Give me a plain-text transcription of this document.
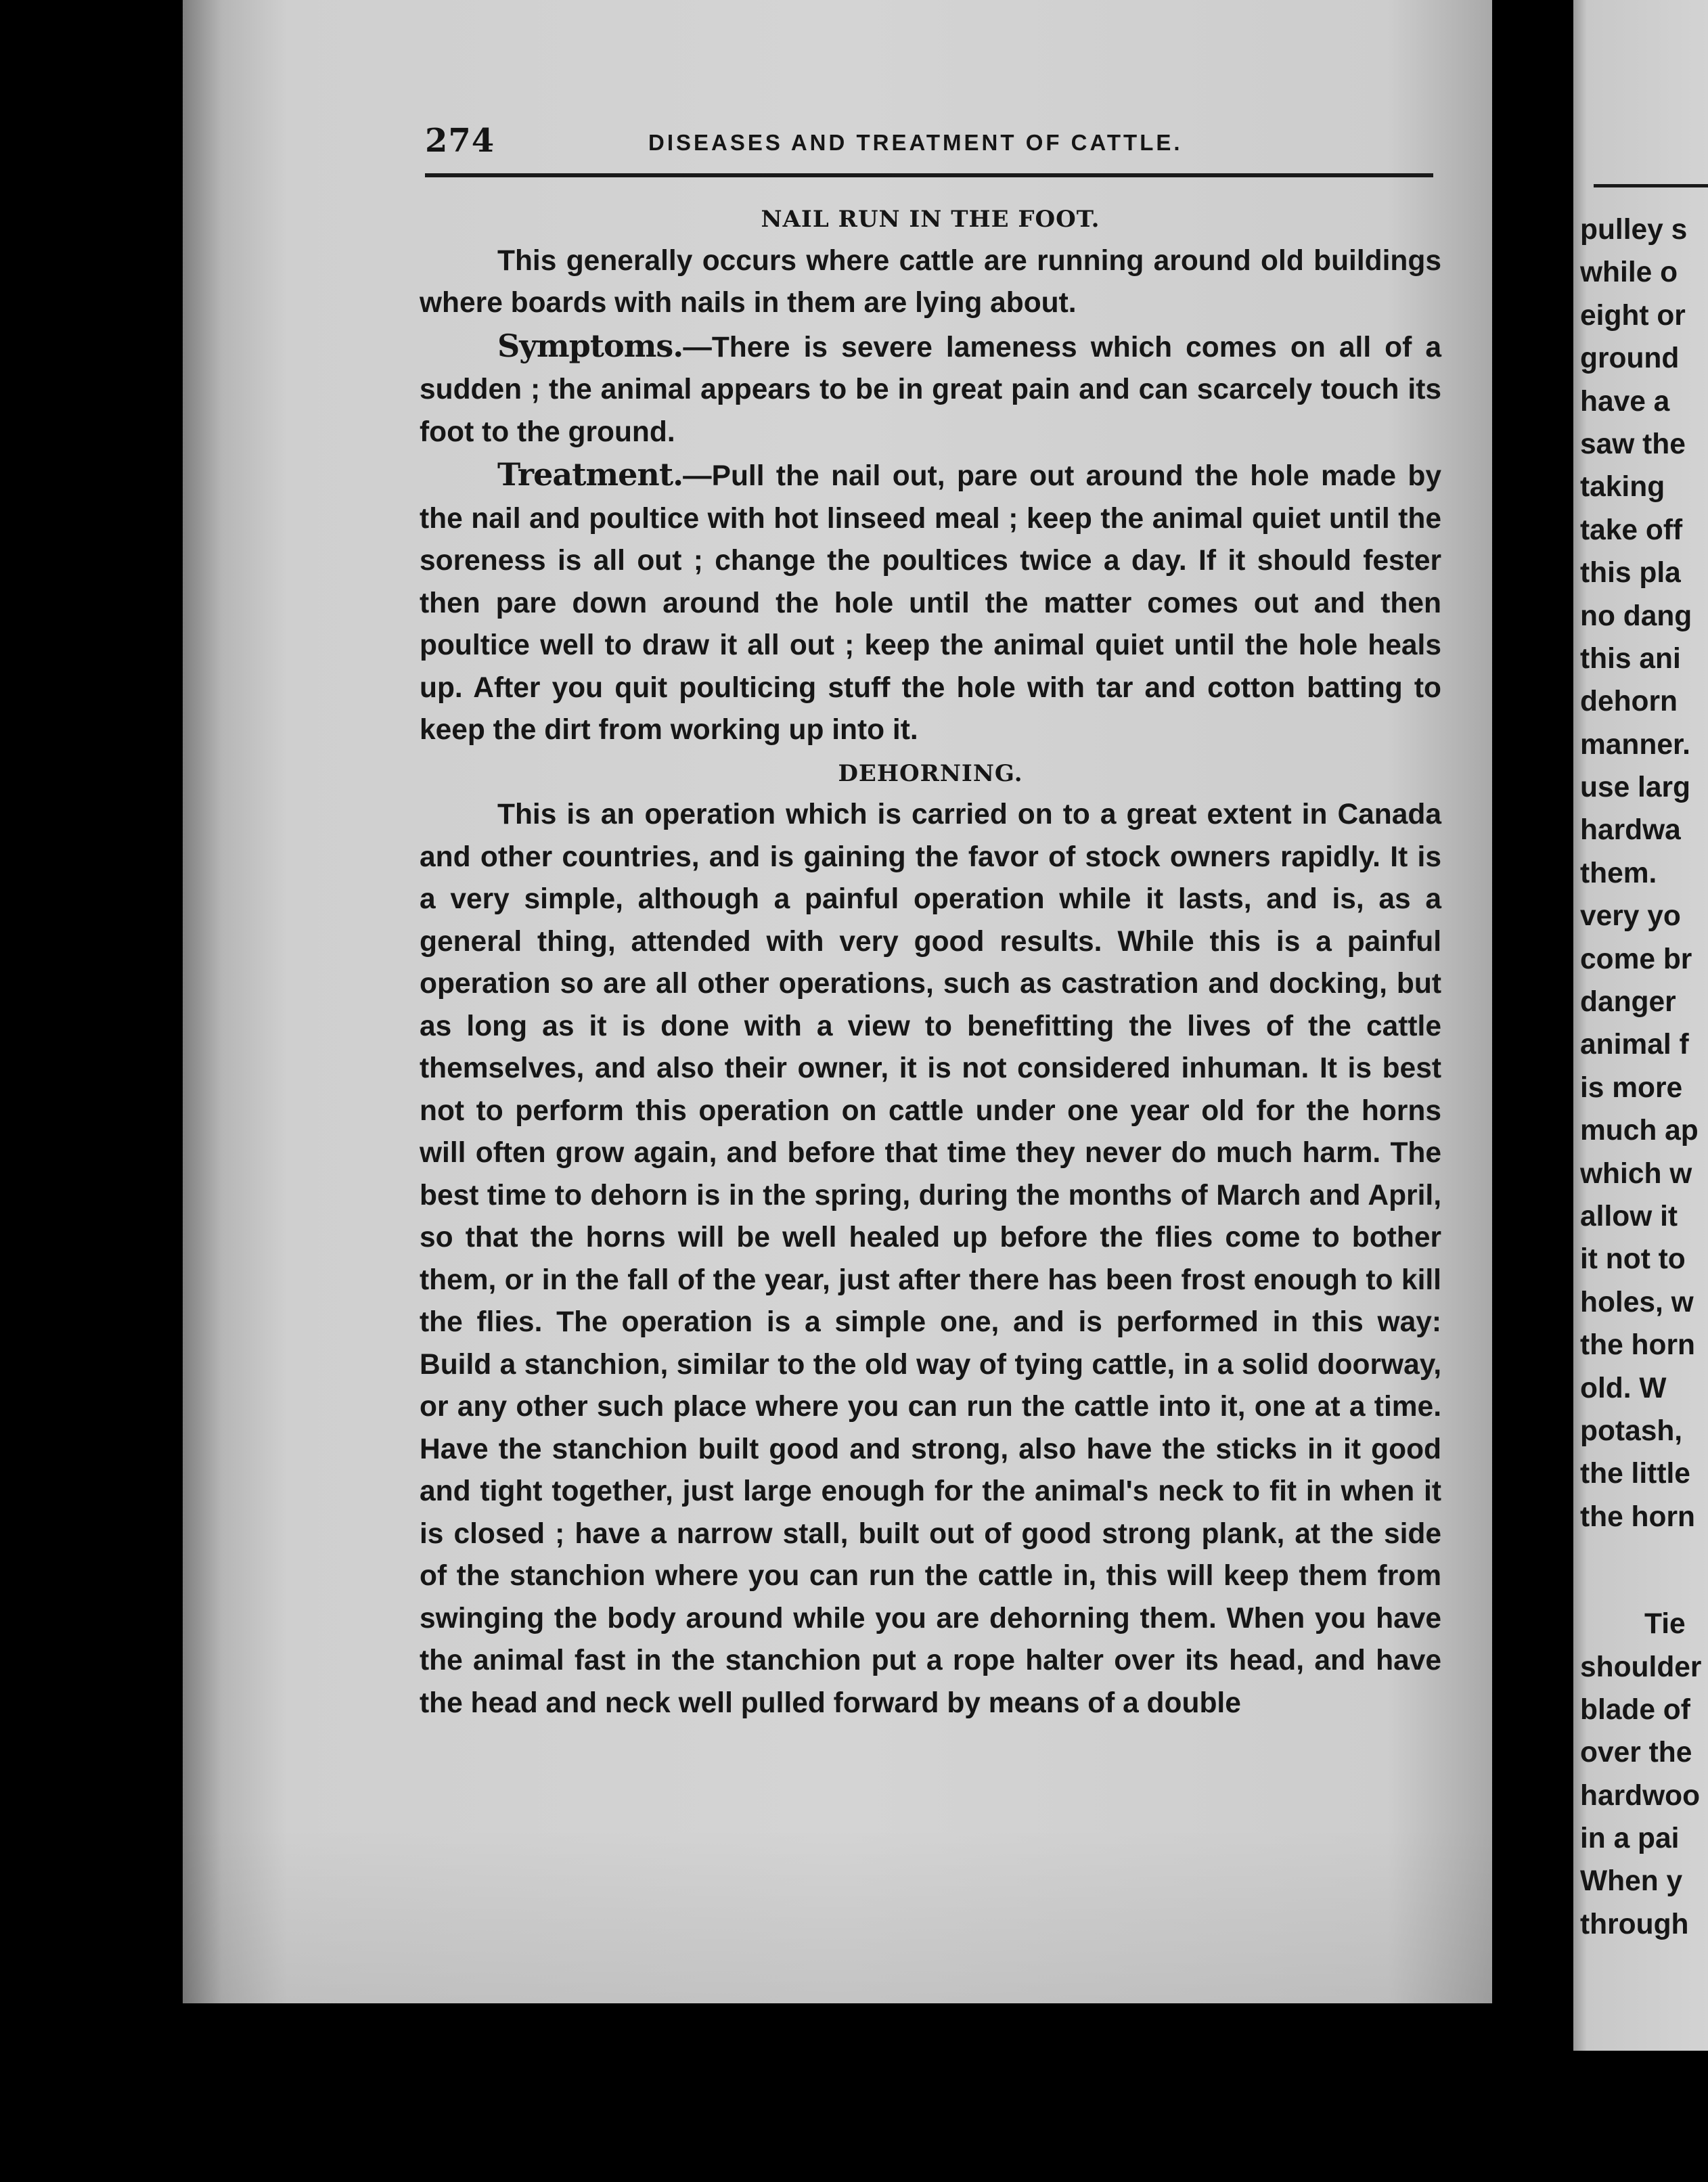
274	DISEASES AND TREATMENT OF CATTLE.
NAIL RUN IN THE FOOT.

This generally occurs where cattle are running around old buildings where boards with nails in them are lying about.

Symptoms.—There is severe lameness which comes on all of a sudden ; the animal appears to be in great pain and can scarcely touch its foot to the ground.

Treatment.—Pull the nail out, pare out around the hole made by the nail and poultice with hot linseed meal ; keep the animal quiet until the soreness is all out ; change the poultices twice a day. If it should fester then pare down around the hole until the matter comes out and then poultice well to draw it all out ; keep the animal quiet until the hole heals up. After you quit poulticing stuff the hole with tar and cotton batting to keep the dirt from working up into it.

DEHORNING.

This is an operation which is carried on to a great extent in Canada and other countries, and is gaining the favor of stock owners rapidly. It is a very simple, although a painful operation while it lasts, and is, as a general thing, attended with very good results. While this is a painful operation so are all other operations, such as castration and docking, but as long as it is done with a view to benefitting the lives of the cattle themselves, and also their owner, it is not considered inhuman. It is best not to perform this operation on cattle under one year old for the horns will often grow again, and before that time they never do much harm. The best time to dehorn is in the spring, during the months of March and April, so that the horns will be well healed up before the flies come to bother them, or in the fall of the year, just after there has been frost enough to kill the flies. The operation is a simple one, and is performed in this way: Build a stanchion, similar to the old way of tying cattle, in a solid doorway, or any other such place where you can run the cattle into it, one at a time. Have the stanchion built good and strong, also have the sticks in it good and tight together, just large enough for the animal's neck to fit in when it is closed ; have a narrow stall, built out of good strong plank, at the side of the stanchion where you can run the cattle in, this will keep them from swinging the body around while you are dehorning them. When you have the animal fast in the stanchion put a rope halter over its head, and have the head and neck well pulled forward by means of a double

pulley s
while o
eight or
ground
have a
saw the
taking
take off
this pla
no dang
this ani
dehorn
manner.
use larg
hardwa
them.
very yo
come br
danger
animal f
is more
much ap
which w
allow it
it not to
holes, w
the horn
old. W
potash,
the little
the horn
Tie
shoulder
blade of
over the
hardwoo
in a pai
When y
through
